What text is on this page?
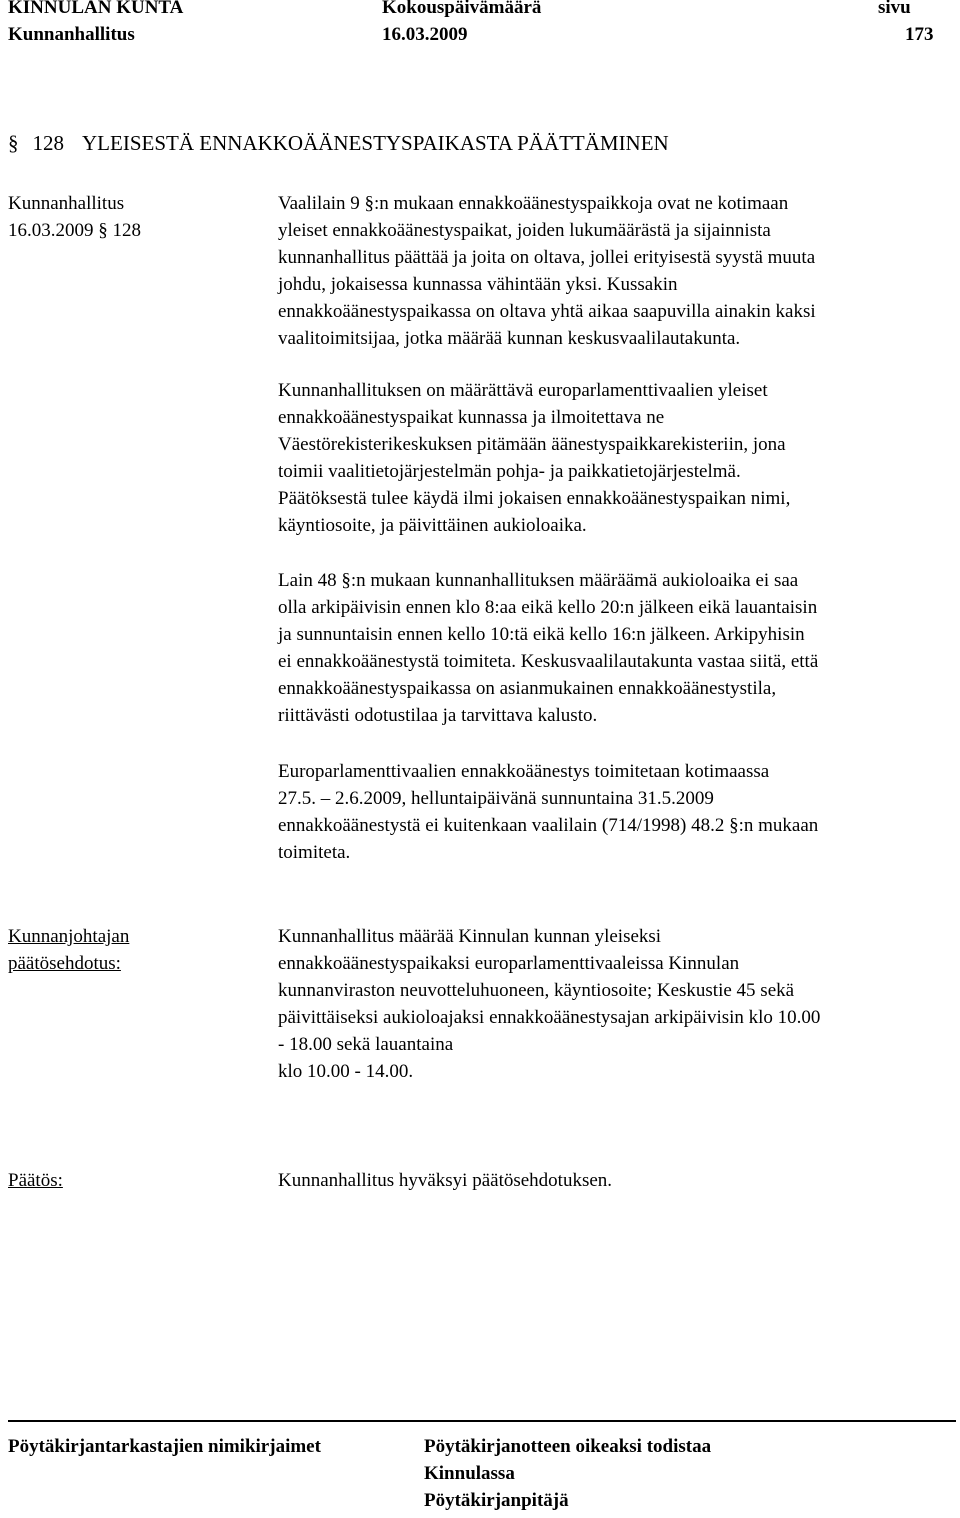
KINNULAN KUNTA	Kokouspäivämäärä	sivu
Kunnanhallitus	16.03.2009	173
§ 128 YLEISESTÄ ENNAKKOÄÄNESTYSPAIKASTA PÄÄTTÄMINEN
Kunnanhallitus
16.03.2009 § 128
Vaalilain 9 §:n mukaan ennakkoäänestyspaikkoja ovat ne kotimaan
yleiset ennakkoäänestyspaikat, joiden lukumäärästä ja sijainnista
kunnanhallitus päättää ja joita on oltava, jollei erityisestä syystä muuta
johdu, jokaisessa kunnassa vähintään yksi. Kussakin
ennakkoäänestyspaikassa on oltava yhtä aikaa saapuvilla ainakin kaksi
vaalitoimitsijaa, jotka määrää kunnan keskusvaalilautakunta.
Kunnanhallituksen on määrättävä europarlamenttivaalien yleiset
ennakkoäänestyspaikat kunnassa ja ilmoitettava ne
Väestörekisterikeskuksen pitämään äänestyspaikkarekisteriin, jona
toimii vaalitietojärjestelmän pohja- ja paikkatietojärjestelmä.
Päätöksestä tulee käydä ilmi jokaisen ennakkoäänestyspaikan nimi,
käyntiosoite, ja päivittäinen aukioloaika.
Lain 48 §:n mukaan kunnanhallituksen määräämä aukioloaika ei saa
olla arkipäivisin ennen klo 8:aa eikä kello 20:n jälkeen eikä lauantaisin
ja sunnuntaisin ennen kello 10:tä eikä kello 16:n jälkeen. Arkipyhisin
ei ennakkoäänestystä toimiteta. Keskusvaalilautakunta vastaa siitä, että
ennakkoäänestyspaikassa on asianmukainen ennakkoäänestystila,
riittävästi odotustilaa ja tarvittava kalusto.
Europarlamenttivaalien ennakkoäänestys toimitetaan kotimaassa
27.5. – 2.6.2009, helluntaipäivänä sunnuntaina 31.5.2009
ennakkoäänestystä ei kuitenkaan vaalilain (714/1998) 48.2 §:n mukaan
toimiteta.
Kunnanjohtajan
päätösehdotus:
Kunnanhallitus määrää Kinnulan kunnan yleiseksi
ennakkoäänestyspaikaksi europarlamenttivaaleissa Kinnulan
kunnanviraston neuvotteluhuoneen, käyntiosoite; Keskustie 45 sekä
päivittäiseksi aukioloajaksi ennakkoäänestysajan arkipäivisin klo 10.00
- 18.00 sekä lauantaina
klo 10.00 - 14.00.
Päätös:	Kunnanhallitus hyväksyi päätösehdotuksen.
Pöytäkirjantarkastajien nimikirjaimet	Pöytäkirjanotteen oikeaksi todistaa
Kinnulassa
Pöytäkirjanpitäjä
